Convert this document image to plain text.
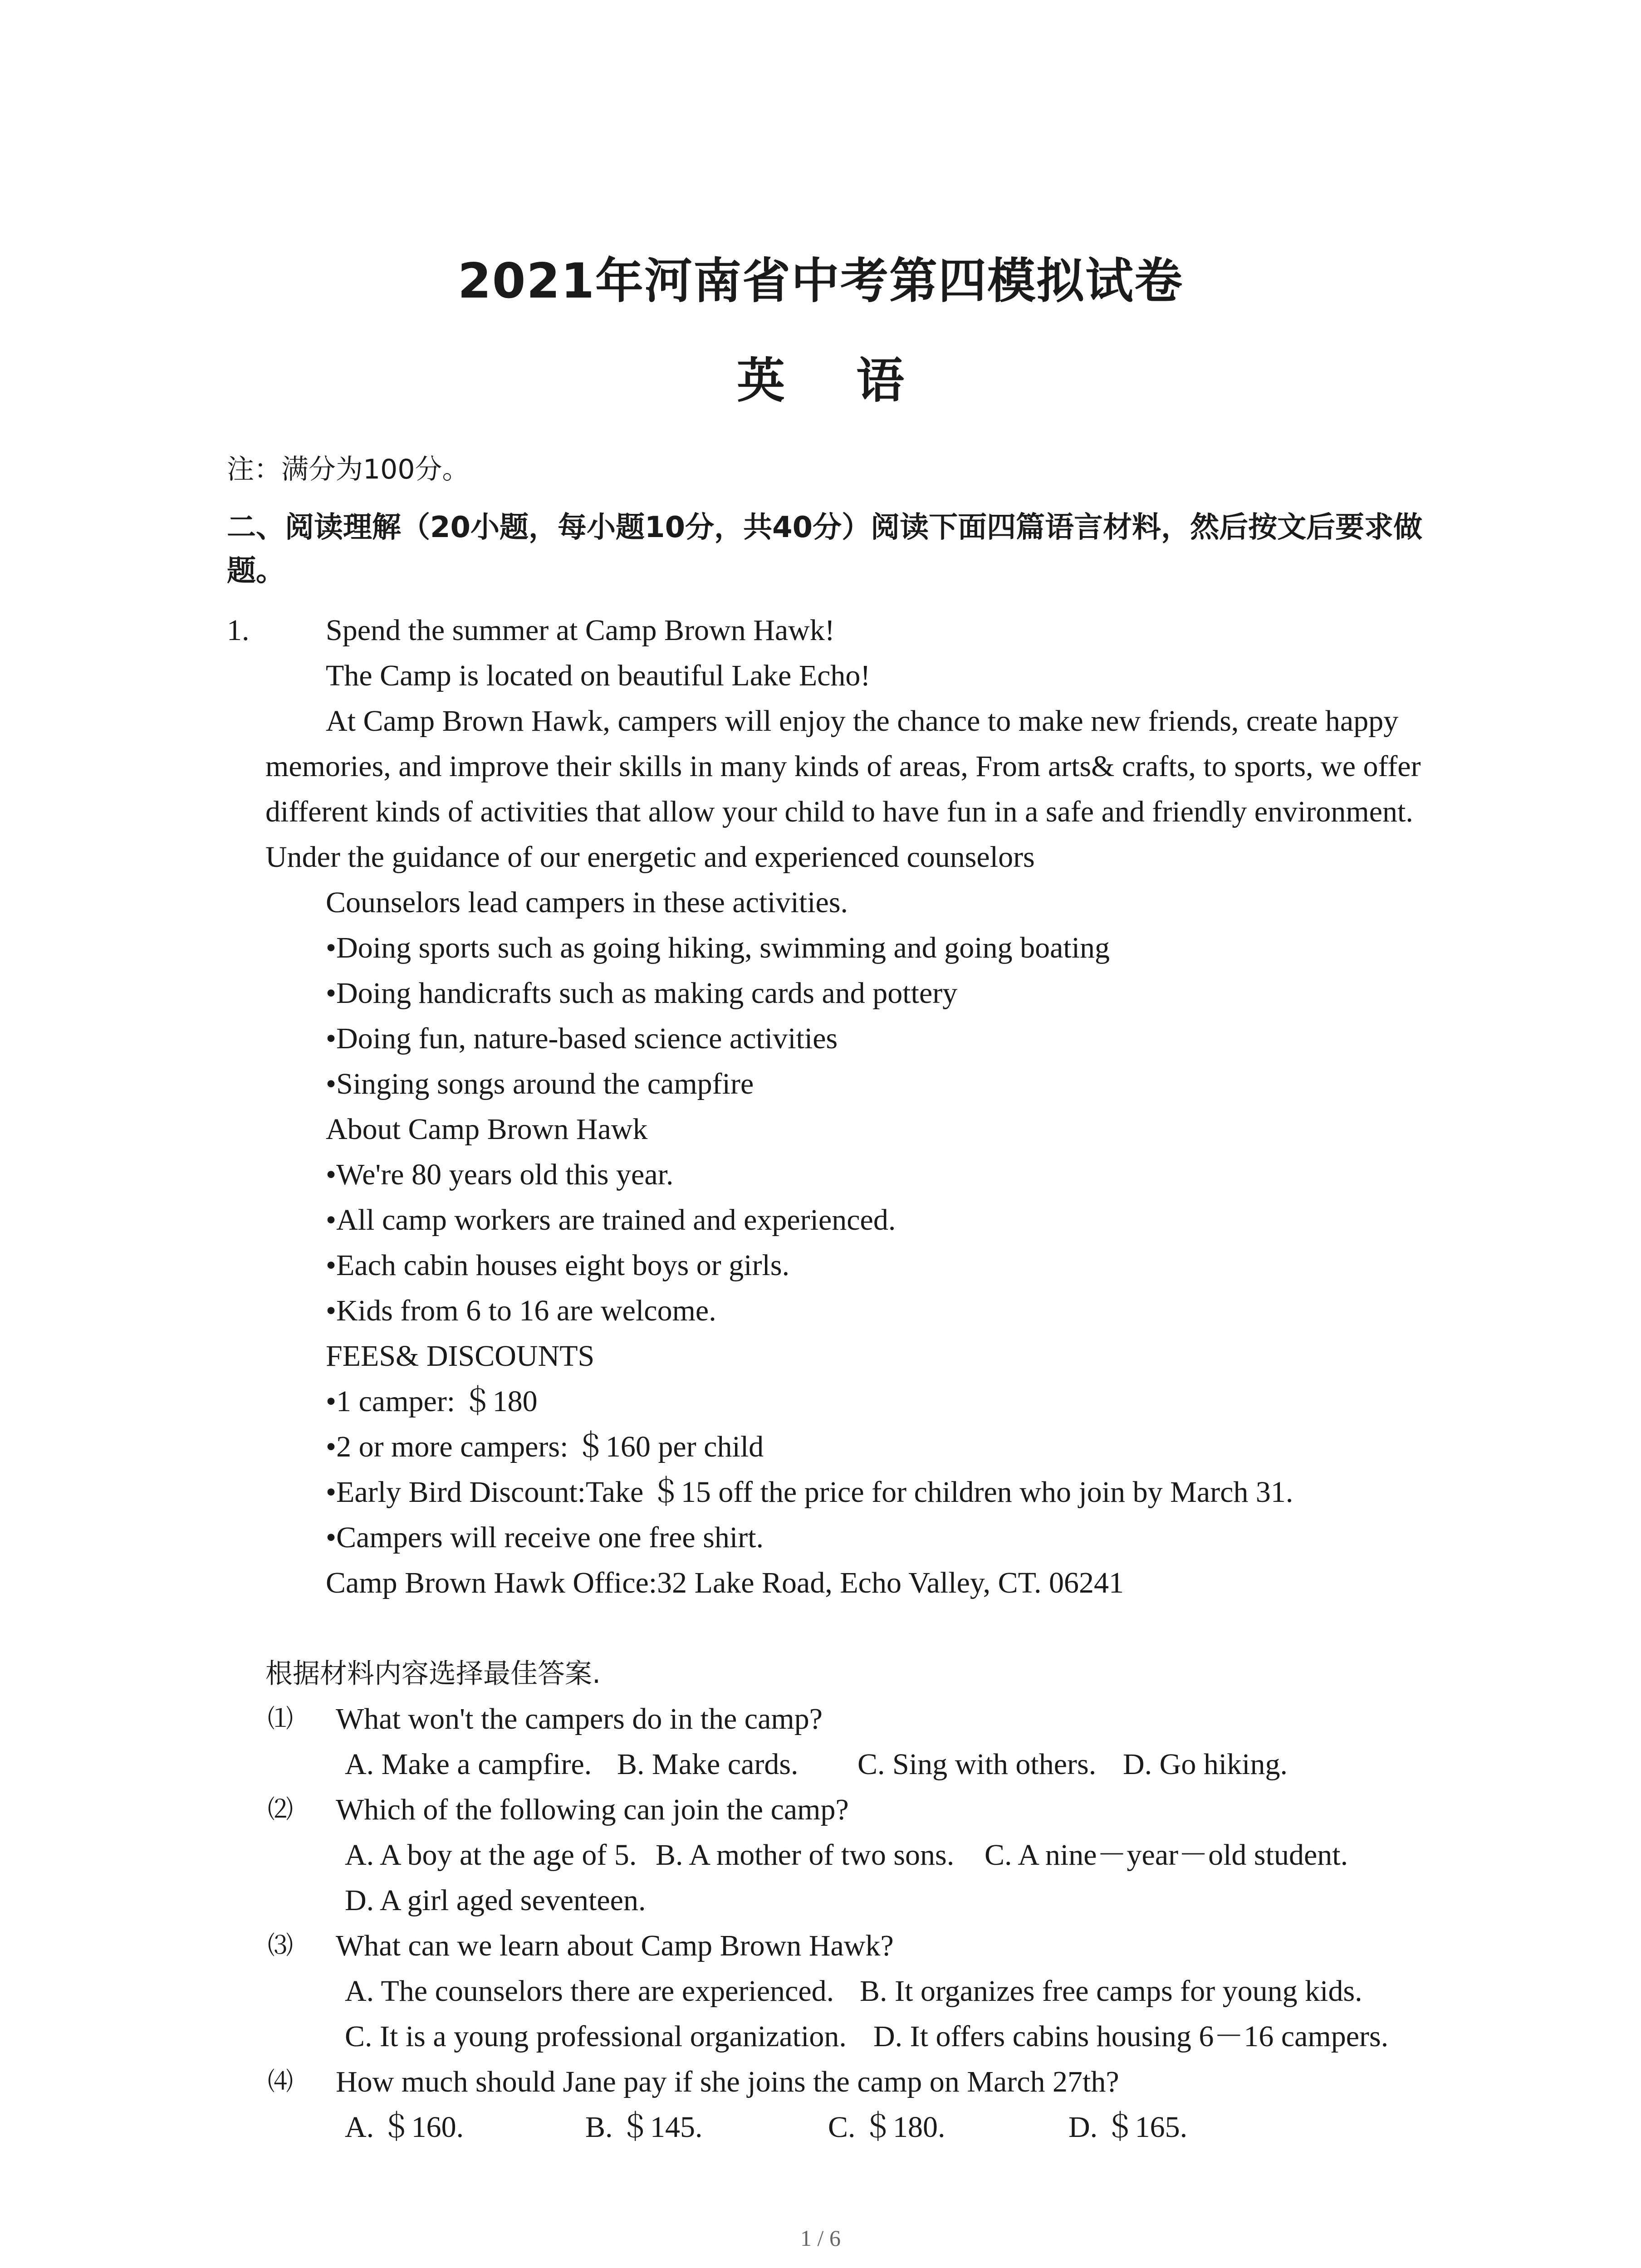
2021年河南省中考第四模拟试卷
英 语
注：满分为100分。
二、阅读理解（20小题，每小题10分，共40分）阅读下面四篇语言材料，然后按文后要求做题。
1.	Spend the summer at Camp Brown Hawk!
The Camp is located on beautiful Lake Echo!
At Camp Brown Hawk, campers will enjoy the chance to make new friends, create happy
memories, and improve their skills in many kinds of areas, From arts& crafts, to sports, we offer
different kinds of activities that allow your child to have fun in a safe and friendly environment.
Under the guidance of our energetic and experienced counselors
Counselors lead campers in these activities.
•Doing sports such as going hiking, swimming and going boating
•Doing handicrafts such as making cards and pottery
•Doing fun, nature-based science activities
•Singing songs around the campfire
About Camp Brown Hawk
•We're 80 years old this year.
•All camp workers are trained and experienced.
•Each cabin houses eight boys or girls.
•Kids from 6 to 16 are welcome.
FEES& DISCOUNTS
•1 camper: ＄180
•2 or more campers: ＄160 per child
•Early Bird Discount:Take ＄15 off the price for children who join by March 31.
•Campers will receive one free shirt.
Camp Brown Hawk Office:32 Lake Road, Echo Valley, CT. 06241
根据材料内容选择最佳答案.
⑴ What won't the campers do in the camp?
A. Make a campfire. B. Make cards. C. Sing with others. D. Go hiking.
⑵ Which of the following can join the camp?
A. A boy at the age of 5. B. A mother of two sons. C. A nine－year－old student.
D. A girl aged seventeen.
⑶ What can we learn about Camp Brown Hawk?
A. The counselors there are experienced. B. It organizes free camps for young kids.
C. It is a young professional organization. D. It offers cabins housing 6－16 campers.
⑷ How much should Jane pay if she joins the camp on March 27th?
A. ＄160.	B. ＄145.	C. ＄180.	D. ＄165.
1 / 6
